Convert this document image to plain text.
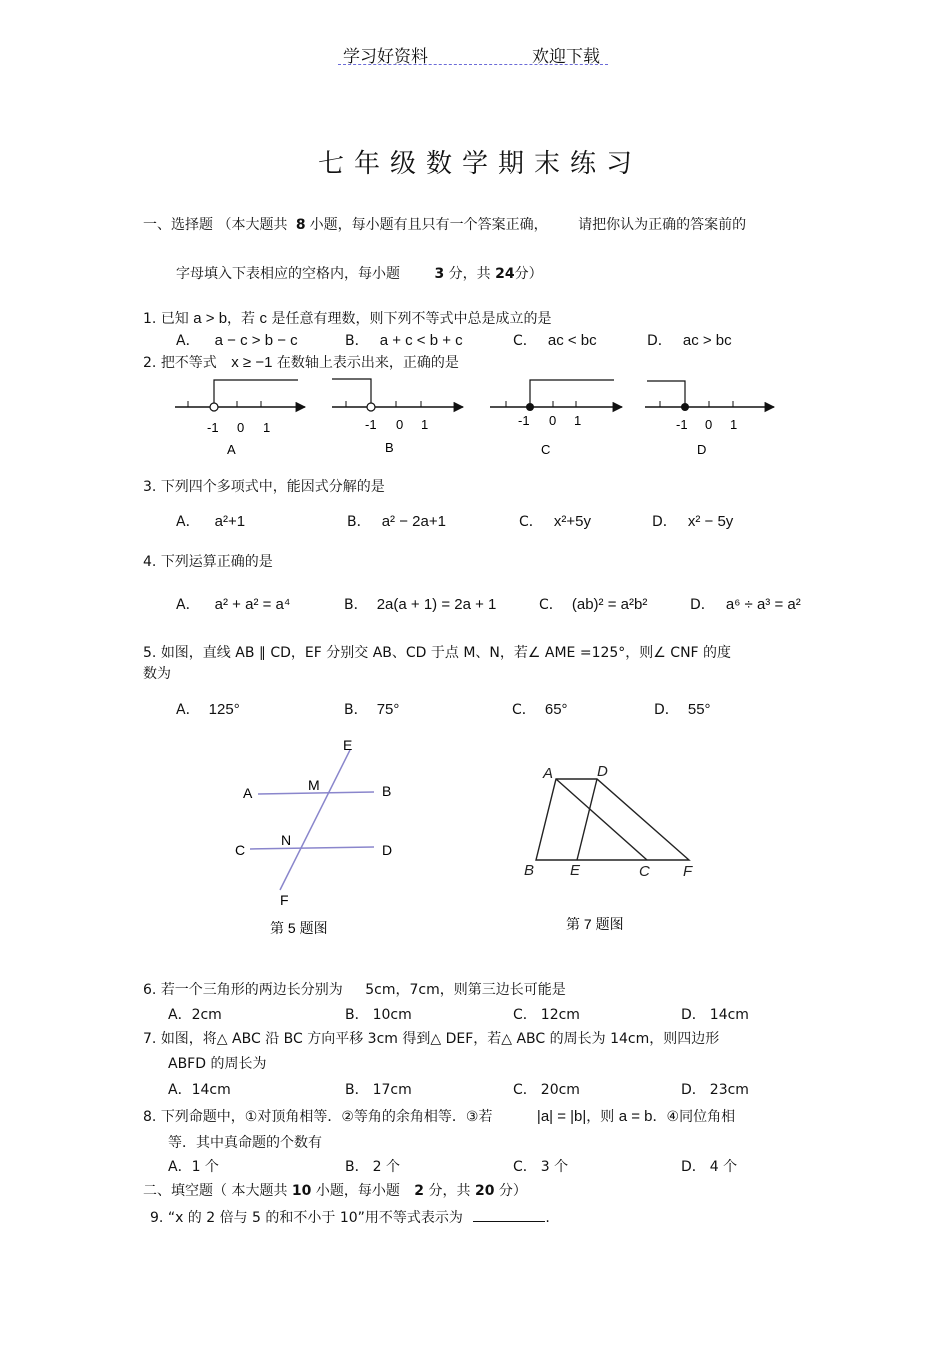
学习好资料	欢迎下载
七年级数学期末练习
一、选择题 （本大题共 8 小题，每小题有且只有一个答案正确， 请把你认为正确的答案前的
字母填入下表相应的空格内，每小题 3 分，共 24分）
1. 已知 a > b，若 c 是任意有理数，则下列不等式中总是成立的是
A． a − c > b − c	B． a + c < b + c	C． ac < bc	D． ac > bc
2. 把不等式 x ≥ −1 在数轴上表示出来，正确的是
-1 0 1
A
-1 0 1
B
-1 0 1
C
-1 0 1
D
3. 下列四个多项式中，能因式分解的是
A． a²+1	B． a² − 2a+1	C． x²+5y	D． x² − 5y
4. 下列运算正确的是
A． a² + a² = a⁴	B． 2a(a + 1) = 2a + 1	C． (ab)² = a²b²	D． a⁶ ÷ a³ = a²
5. 如图，直线 AB ∥ CD，EF 分别交 AB、CD 于点 M、N，若∠ AME =125°，则∠ CNF 的度
数为
A． 125°	B． 75°	C． 65°	D． 55°
E
A	M	B
C
N
D
F
A	D
B E	C F
第 5 题图	第 7 题图
6. 若一个三角形的两边长分别为 5cm，7cm，则第三边长可能是
A．2cm	B． 10cm	C． 12cm	D． 14cm
7. 如图，将△ ABC 沿 BC 方向平移 3cm 得到△ DEF，若△ ABC 的周长为 14cm，则四边形
ABFD 的周长为
A．14cm	B． 17cm	C． 20cm	D． 23cm
8. 下列命题中，①对顶角相等．②等角的余角相等．③若	|a| = |b|，则 a = b．④同位角相
等．其中真命题的个数有
A．1 个	B． 2 个	C． 3 个	D． 4 个
二、填空题（ 本大题共 10 小题，每小题 2 分，共 20 分）
9. “x 的 2 倍与 5 的和不小于 10”用不等式表示为	.
